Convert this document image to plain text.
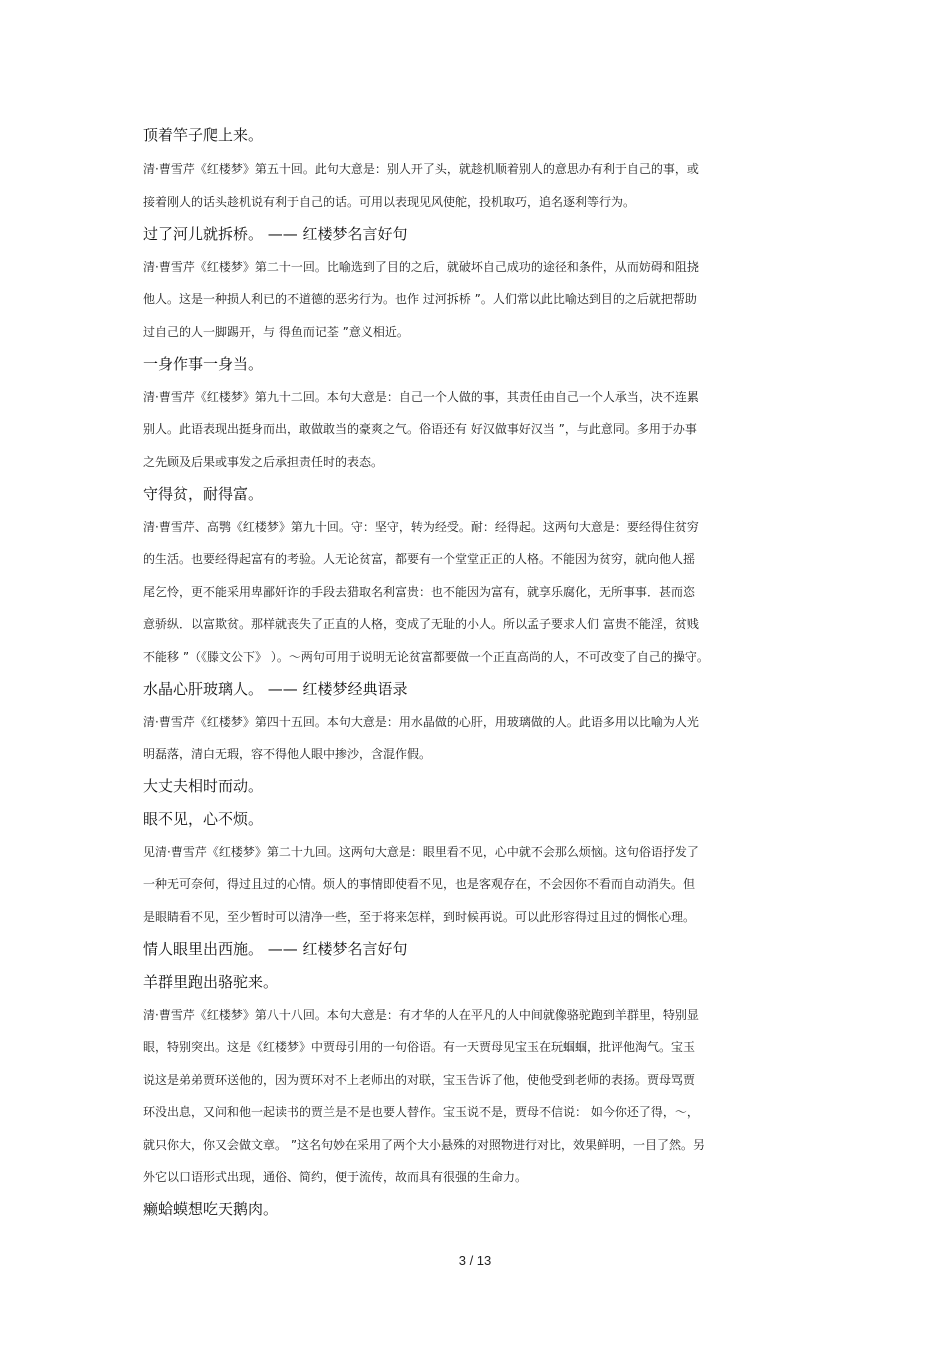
顶着竿子爬上来。
清·曹雪芹《红楼梦》第五十回。此句大意是：别人开了头，就趁机顺着别人的意思办有利于自己的事，或
接着刚人的话头趁机说有利于自己的话。可用以表现见风使舵，投机取巧，追名逐利等行为。
过了河儿就拆桥。 —— 红楼梦名言好句
清·曹雪芹《红楼梦》第二十一回。比喻选到了目的之后，就破坏自己成功的途径和条件，从而妨碍和阻挠
他人。这是一种损人利已的不道德的恶劣行为。也作 过河拆桥 ”。人们常以此比喻达到目的之后就把帮助
过自己的人一脚踢开，与 得鱼而记荃 ”意义相近。
一身作事一身当。
清·曹雪芹《红楼梦》第九十二回。本句大意是：自己一个人做的事，其责任由自己一个人承当，决不连累
别人。此语表现出挺身而出，敢做敢当的豪爽之气。俗语还有 好汉做事好汉当 ”，与此意同。多用于办事
之先顾及后果或事发之后承担责任时的表态。
守得贫，耐得富。
清·曹雪芹、高鹗《红楼梦》第九十回。守：坚守，转为经受。耐：经得起。这两句大意是：要经得住贫穷
的生活。也要经得起富有的考验。人无论贫富，都要有一个堂堂正正的人格。不能因为贫穷，就向他人摇
尾乞怜，更不能采用卑鄙奸诈的手段去猎取名利富贵：也不能因为富有，就享乐腐化，无所事事．甚而恣
意骄纵．以富欺贫。那样就丧失了正直的人格，变成了无耻的小人。所以孟子要求人们 富贵不能淫，贫贱
不能移 ”（《滕文公下》 ）。～两句可用于说明无论贫富都要做一个正直高尚的人，不可改变了自己的操守。
水晶心肝玻璃人。 —— 红楼梦经典语录
清·曹雪芹《红楼梦》第四十五回。本句大意是：用水晶做的心肝，用玻璃做的人。此语多用以比喻为人光
明磊落，清白无瑕，容不得他人眼中掺沙，含混作假。
大丈夫相时而动。
眼不见，心不烦。
见清·曹雪芹《红楼梦》第二十九回。这两句大意是：眼里看不见，心中就不会那么烦恼。这句俗语抒发了
一种无可奈何，得过且过的心情。烦人的事情即使看不见，也是客观存在，不会因你不看而自动消失。但
是眼睛看不见，至少暂时可以清净一些，至于将来怎样，到时候再说。可以此形容得过且过的惆怅心理。
情人眼里出西施。 —— 红楼梦名言好句
羊群里跑出骆驼来。
清·曹雪芹《红楼梦》第八十八回。本句大意是：有才华的人在平凡的人中间就像骆驼跑到羊群里，特别显
眼，特别突出。这是《红楼梦》中贾母引用的一句俗语。有一天贾母见宝玉在玩蝈蝈，批评他淘气。宝玉
说这是弟弟贾环送他的，因为贾环对不上老师出的对联，宝玉告诉了他，使他受到老师的表扬。贾母骂贾
环没出息，又问和他一起读书的贾兰是不是也要人替作。宝玉说不是，贾母不信说： 如今你还了得，～，
就只你大，你又会做文章。 ”这名句妙在采用了两个大小悬殊的对照物进行对比，效果鲜明，一目了然。另
外它以口语形式出现，通俗、简约，便于流传，故而具有很强的生命力。
癞蛤蟆想吃天鹅肉。
3 / 13
